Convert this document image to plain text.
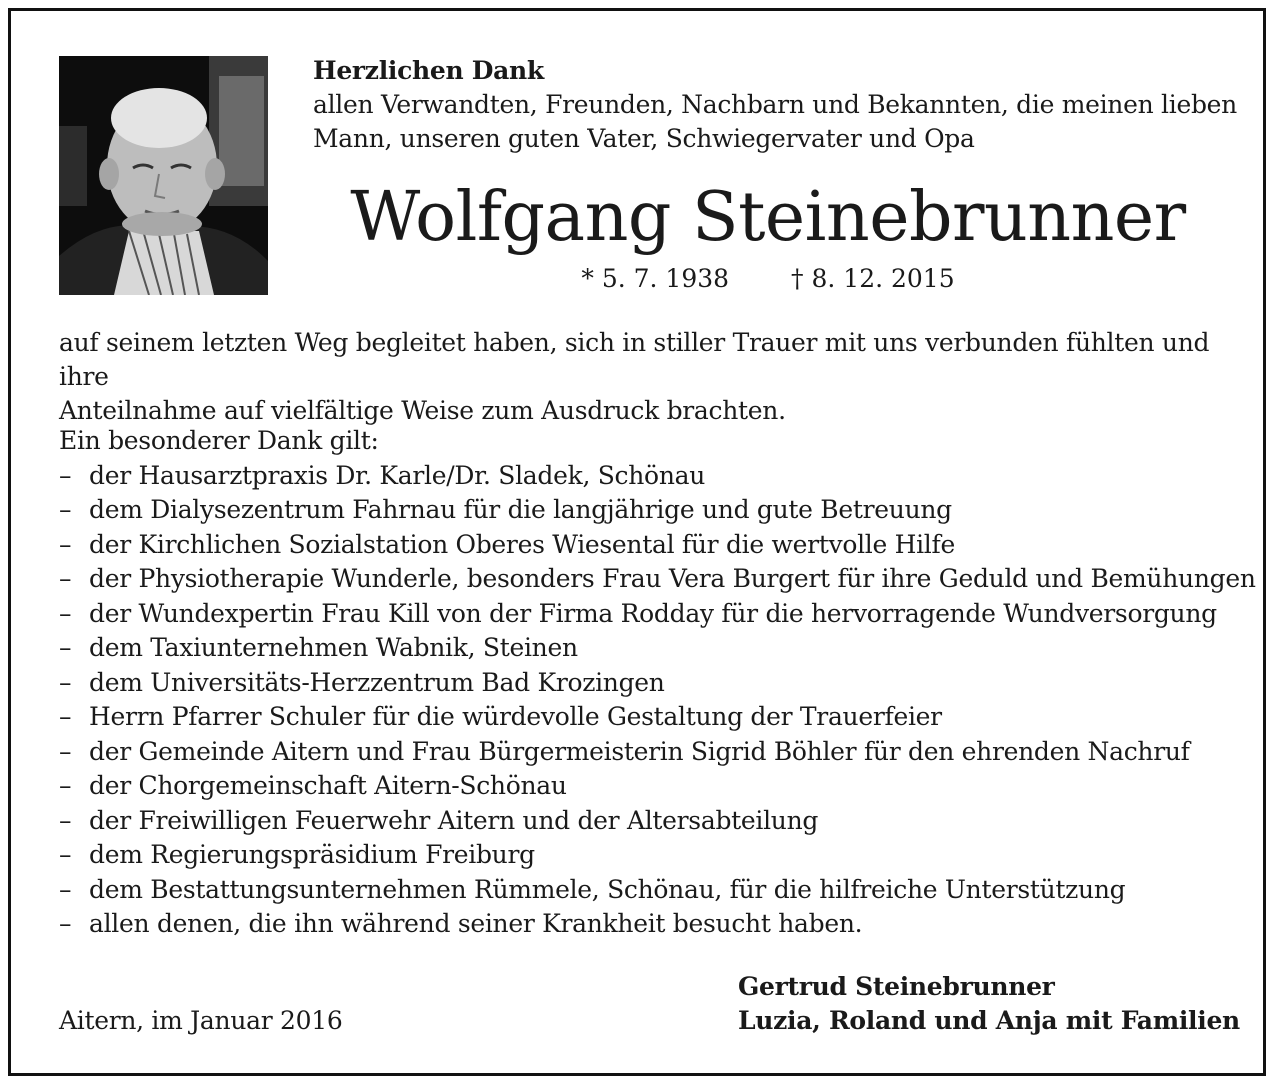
Herzlichen Dank
allen Verwandten, Freunden, Nachbarn und Bekannten, die meinen lieben
Mann, unseren guten Vater, Schwiegervater und Opa
Wolfgang Steinebrunner
* 5. 7. 1938 † 8. 12. 2015
auf seinem letzten Weg begleitet haben, sich in stiller Trauer mit uns verbunden fühlten und ihre
Anteilnahme auf vielfältige Weise zum Ausdruck brachten.
Ein besonderer Dank gilt:
– der Hausarztpraxis Dr. Karle/Dr. Sladek, Schönau
– dem Dialysezentrum Fahrnau für die langjährige und gute Betreuung
– der Kirchlichen Sozialstation Oberes Wiesental für die wertvolle Hilfe
– der Physiotherapie Wunderle, besonders Frau Vera Burgert für ihre Geduld und Bemühungen
– der Wundexpertin Frau Kill von der Firma Rodday für die hervorragende Wundversorgung
– dem Taxiunternehmen Wabnik, Steinen
– dem Universitäts-Herzzentrum Bad Krozingen
– Herrn Pfarrer Schuler für die würdevolle Gestaltung der Trauerfeier
– der Gemeinde Aitern und Frau Bürgermeisterin Sigrid Böhler für den ehrenden Nachruf
– der Chorgemeinschaft Aitern-Schönau
– der Freiwilligen Feuerwehr Aitern und der Altersabteilung
– dem Regierungspräsidium Freiburg
– dem Bestattungsunternehmen Rümmele, Schönau, für die hilfreiche Unterstützung
– allen denen, die ihn während seiner Krankheit besucht haben.
Aitern, im Januar 2016
Gertrud Steinebrunner
Luzia, Roland und Anja mit Familien
